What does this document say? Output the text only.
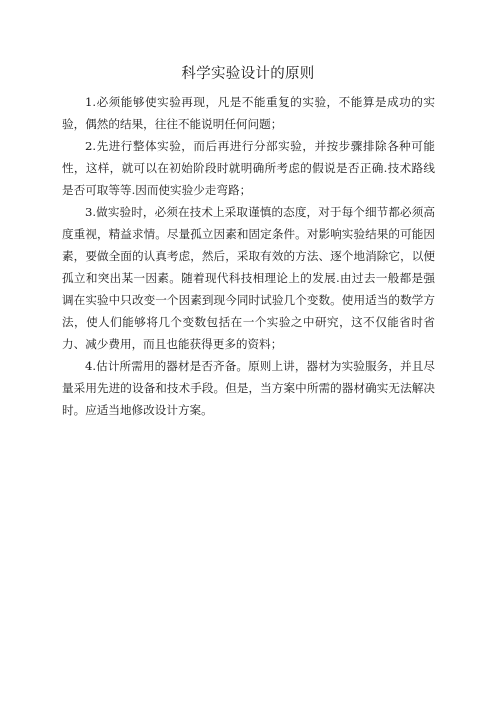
科学实验设计的原则

1.必须能够使实验再现，凡是不能重复的实验，不能算是成功的实验，偶然的结果，往往不能说明任何问题；

2.先进行整体实验，而后再进行分部实验，并按步骤排除各种可能性，这样，就可以在初始阶段时就明确所考虑的假说是否正确.技术路线是否可取等等.因而使实验少走弯路；

3.做实验时，必须在技术上采取谨慎的态度，对于每个细节都必须高度重视，精益求情。尽量孤立因素和固定条件。对影响实验结果的可能因素，要做全面的认真考虑，然后，采取有效的方法、逐个地消除它，以便孤立和突出某一因素。随着现代科技相理论上的发展.由过去一般都是强调在实验中只改变一个因素到现今同时试验几个变数。使用适当的数学方法，使人们能够将几个变数包括在一个实验之中研究，这不仅能省时省力、减少费用，而且也能获得更多的资料；

4.估计所需用的器材是否齐备。原则上讲，器材为实验服务，并且尽量采用先进的设备和技术手段。但是，当方案中所需的器材确实无法解决时。应适当地修改设计方案。
